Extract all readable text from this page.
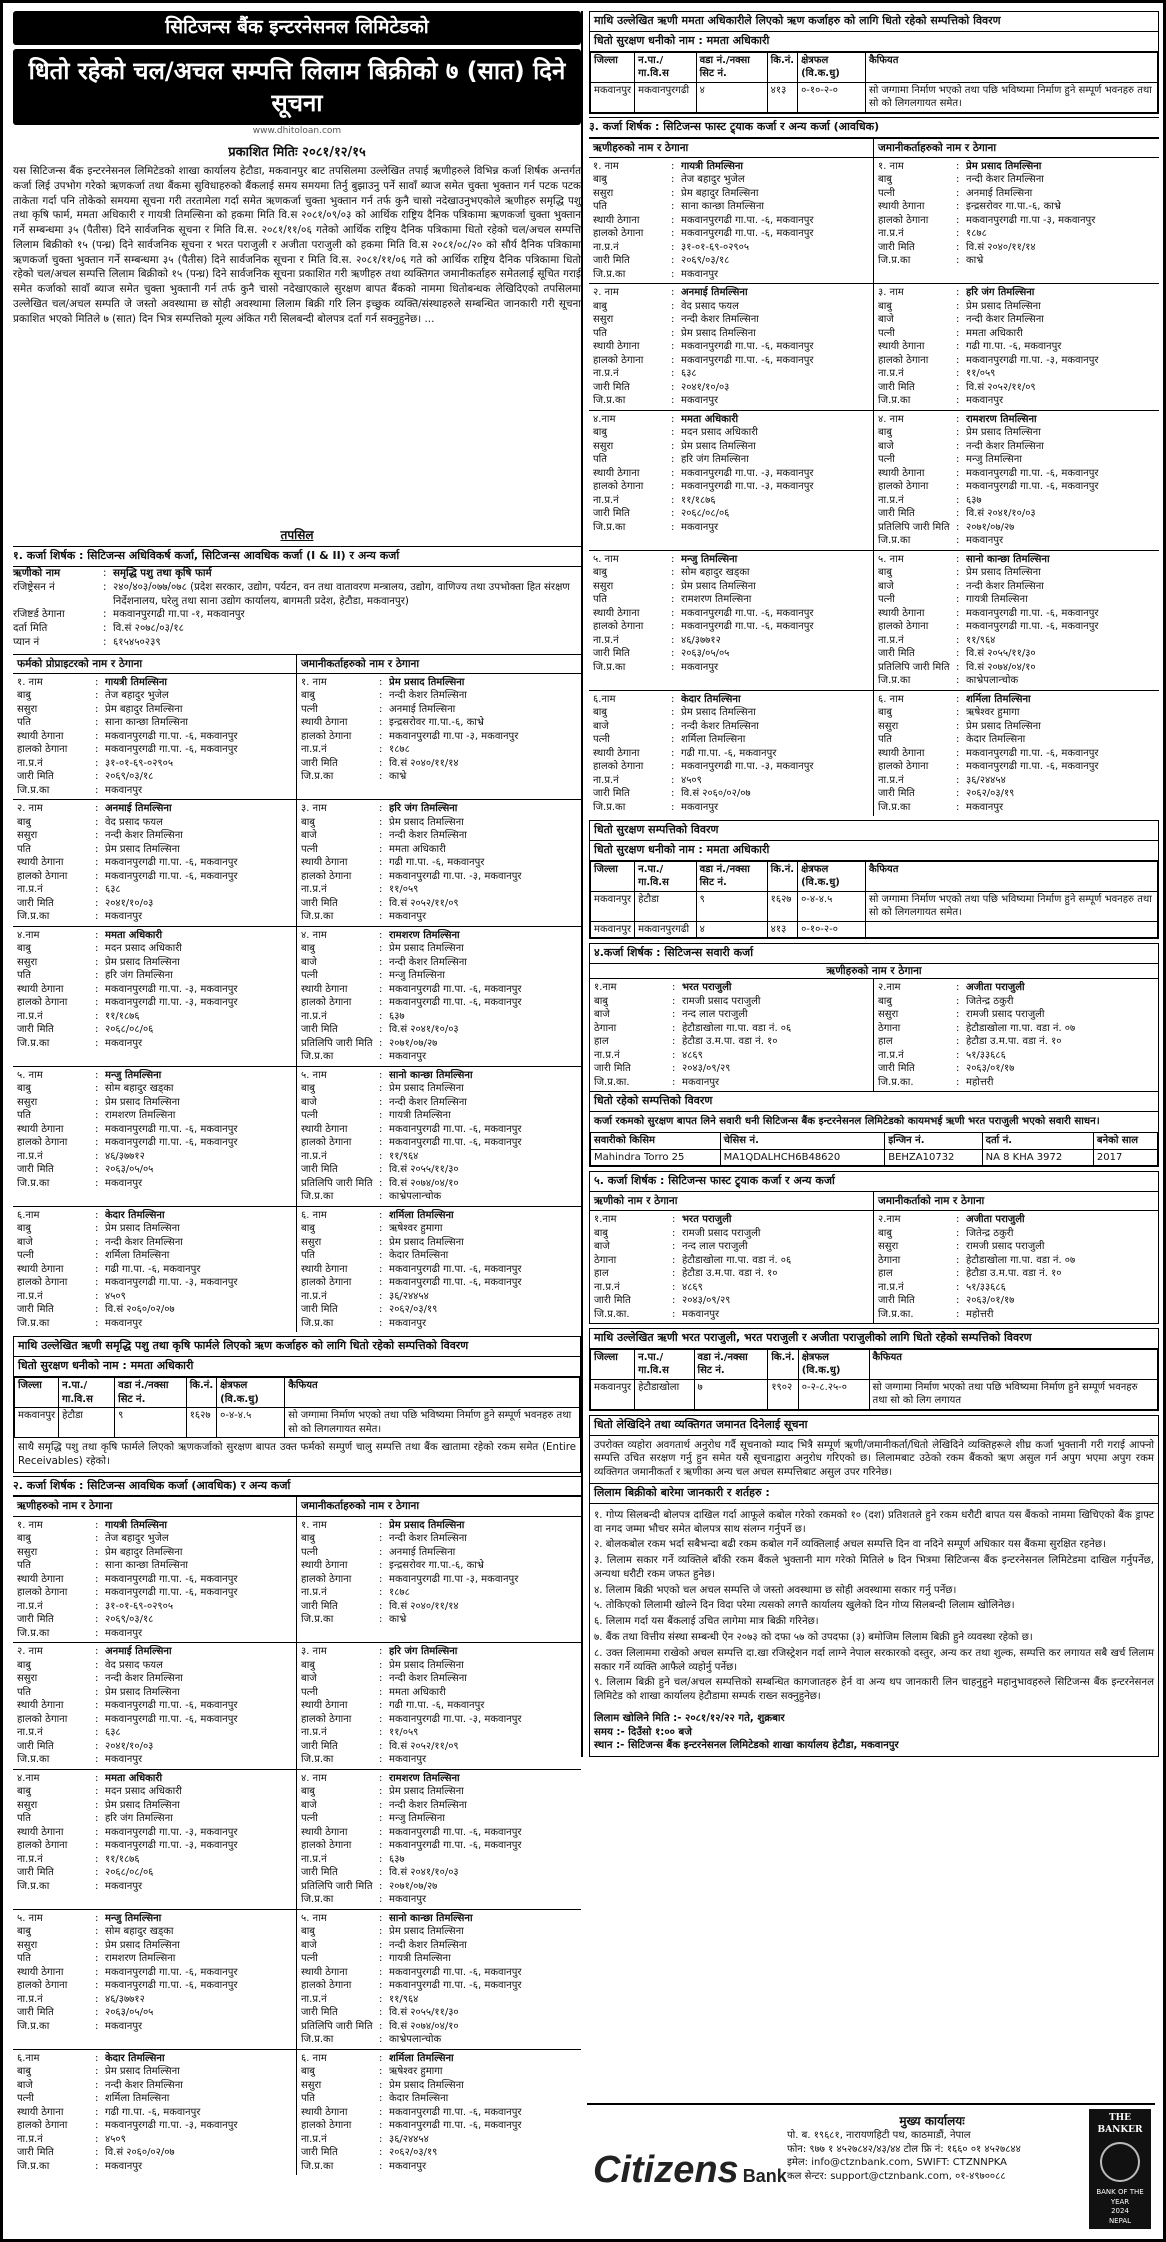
सिटिजन्स बैंक इन्टरनेसनल लिमिटेडको
धितो रहेको चल/अचल सम्पत्ति लिलाम बिक्रीको ७ (सात) दिने सूचना
www.dhitoloan.com
प्रकाशित मितिः २०८१/१२/१५
यस सिटिजन्स बैंक इन्टरनेसनल लिमिटेडको शाखा कार्यालय हेटौडा, मकवानपुर बाट तपसिलमा उल्लेखित तपाई ऋणीहरुले विभिन्न कर्जा शिर्षक अन्तर्गत कर्जा लिई उपभोग गरेको ऋणकर्जा तथा बैंकमा सुविधाहरुको बैंकलाई समय समयमा तिर्नु बुझाउनु पर्ने सावाँ ब्याज समेत चुक्ता भुक्तान गर्न पटक पटक ताकेता गर्दा पनि तोकेको समयमा सूचना गरी तरतामेला गर्दा समेत ऋणकर्जा चुक्ता भुक्तान गर्न तर्फ कुनै चासो नदेखाउनुभएकोले ऋणीहरु समृद्धि पशु तथा कृषि फार्म, ममता अधिकारी र गायत्री तिमल्सिना को हकमा मिति वि.स २०८१/०९/०३ को आर्थिक राष्ट्रिय दैनिक पत्रिकामा ऋणकर्जा चुक्ता भुक्तान गर्ने सम्बन्धमा ३५ (पैतीस) दिने सार्वजनिक सूचना र मिति वि.स. २०८१/११/०६ गतेको आर्थिक राष्ट्रिय दैनिक पत्रिकामा धितो रहेको चल/अचल सम्पत्ति लिलाम बिक्रीको १५ (पन्ध्र) दिने सार्वजनिक सूचना र भरत पराजुली र अजीता पराजुली को हकमा मिति वि.स २०८१/०८/२० को सौर्य दैनिक पत्रिकामा ऋणकर्जा चुक्ता भुक्तान गर्ने सम्बन्धमा ३५ (पैतीस) दिने सार्वजनिक सूचना र मिति वि.स. २०८१/११/०६ गते को आर्थिक राष्ट्रिय दैनिक पत्रिकामा धितो रहेको चल/अचल सम्पत्ति लिलाम बिक्रीको १५ (पन्ध्र) दिने सार्वजनिक सूचना प्रकाशित गरी ऋणीहरु तथा व्यक्तिगत जमानीकर्ताहरु समेतलाई सूचित गराई समेत कर्जाको सावाँ ब्याज समेत चुक्ता भुक्तानी गर्न तर्फ कुनै चासो नदेखाएकाले सुरक्षण बापत बैंकको नाममा धितोबन्धक लेखिदिएको तपसिलमा उल्लेखित चल/अचल सम्पति जे जस्तो अवस्थामा छ सोही अवस्थामा लिलाम बिक्री गरि लिन इच्छुक व्यक्ति/संस्थाहरुले सम्बन्धित जानकारी गरी सूचना प्रकाशित भएको मितिले ७ (सात) दिन भित्र सम्पत्तिको मूल्य अंकित गरी सिलबन्दी बोलपत्र दर्ता गर्न सक्नुहुनेछ। ...
तपसिल
१. कर्जा शिर्षक : सिटिजन्स अधिविकर्ष कर्जा, सिटिजन्स आवधिक कर्जा (I & II) र अन्य कर्जा
ऋणीको नाम	: समृद्धि पशु तथा कृषि फार्म
रजिष्ट्रेसन नं	: २४०/४०३/०७७/०७८ (प्रदेश सरकार, उद्योग, पर्यटन, वन तथा वातावरण मन्त्रालय, उद्योग, वाणिज्य तथा उपभोक्ता हित संरक्षण निर्देशनालय, घरेलु तथा साना उद्योग कार्यालय, बागमती प्रदेश, हेटौडा, मकवानपुर)
रजिष्टर्ड ठेगाना	: मकवानपुरगढी गा.पा -१, मकवानपुर
दर्ता मिति	: वि.सं २०७८/०३/१८
प्यान नं	: ६१५४५०२३९
फर्मको प्रोप्राइटरको नाम र ठेगाना	जमानीकर्ताहरुको नाम र ठेगाना
१. नाम	: गायत्री तिमल्सिना
बाबु	: तेज बहादुर भुजेल
ससुरा	: प्रेम बहादुर तिमल्सिना
पति	: साना कान्छा तिमल्सिना
स्थायी ठेगाना	: मकवानपुरगढी गा.पा. -६, मकवानपुर
हालको ठेगाना	: मकवानपुरगढी गा.पा. -६, मकवानपुर
ना.प्र.नं	: ३१-०१-६९-०२९०५
जारी मिति	: २०६९/०३/१८
जि.प्र.का	: मकवानपुर
१. नाम	: प्रेम प्रसाद तिमल्सिना
बाबु	: नन्दी केशर तिमल्सिना
पत्नी	: अनमाई तिमल्सिना
स्थायी ठेगाना	: इन्द्रसरोवर गा.पा.-६, काभ्रे
हालको ठेगाना	: मकवानपुरगढी गा.पा -३, मकवानपुर
ना.प्र.नं	: १८७८
जारी मिति	: वि.सं २०४०/११/१४
जि.प्र.का	: काभ्रे
२. नाम	: अनमाई तिमल्सिना
बाबु	: वेद प्रसाद फयल
ससुरा	: नन्दी केशर तिमल्सिना
पति	: प्रेम प्रसाद तिमल्सिना
स्थायी ठेगाना	: मकवानपुरगढी गा.पा. -६, मकवानपुर
हालको ठेगाना	: मकवानपुरगढी गा.पा. -६, मकवानपुर
ना.प्र.नं	: ६३८
जारी मिति	: २०४१/१०/०३
जि.प्र.का	: मकवानपुर
३. नाम	: हरि जंग तिमल्सिना
बाबु	: प्रेम प्रसाद तिमल्सिना
बाजे	: नन्दी केशर तिमल्सिना
पत्नी	: ममता अधिकारी
स्थायी ठेगाना	: गढी गा.पा. -६, मकवानपुर
हालको ठेगाना	: मकवानपुरगढी गा.पा. -३, मकवानपुर
ना.प्र.नं	: ११/०५९
जारी मिति	: वि.सं २०५२/११/०९
जि.प्र.का	: मकवानपुर
४.नाम	: ममता अधिकारी
बाबु	: मदन प्रसाद अधिकारी
ससुरा	: प्रेम प्रसाद तिमल्सिना
पति	: हरि जंग तिमल्सिना
स्थायी ठेगाना	: मकवानपुरगढी गा.पा. -३, मकवानपुर
हालको ठेगाना	: मकवानपुरगढी गा.पा. -३, मकवानपुर
ना.प्र.नं	: ११/१८७६
जारी मिति	: २०६८/०८/०६
जि.प्र.का	: मकवानपुर
४. नाम	: रामशरण तिमल्सिना
बाबु	: प्रेम प्रसाद तिमल्सिना
बाजे	: नन्दी केशर तिमल्सिना
पत्नी	: मन्जु तिमल्सिना
स्थायी ठेगाना	: मकवानपुरगढी गा.पा. -६, मकवानपुर
हालको ठेगाना	: मकवानपुरगढी गा.पा. -६, मकवानपुर
ना.प्र.नं	: ६३७
जारी मिति	: वि.सं २०४१/१०/०३
प्रतिलिपि जारी मिति : २०७१/०७/२७
जि.प्र.का	: मकवानपुर
५. नाम	: मन्जु तिमल्सिना
बाबु	: सोम बहादुर खड्का
ससुरा	: प्रेम प्रसाद तिमल्सिना
पति	: रामशरण तिमल्सिना
स्थायी ठेगाना	: मकवानपुरगढी गा.पा. -६, मकवानपुर
हालको ठेगाना	: मकवानपुरगढी गा.पा. -६, मकवानपुर
ना.प्र.नं	: ४६/३७७१२
जारी मिति	: २०६३/०५/०५
जि.प्र.का	: मकवानपुर
५. नाम	: सानो कान्छा तिमल्सिना
बाबु	: प्रेम प्रसाद तिमल्सिना
बाजे	: नन्दी केशर तिमल्सिना
पत्नी	: गायत्री तिमल्सिना
स्थायी ठेगाना	: मकवानपुरगढी गा.पा. -६, मकवानपुर
हालको ठेगाना	: मकवानपुरगढी गा.पा. -६, मकवानपुर
ना.प्र.नं	: ११/९६४
जारी मिति	: वि.सं २०५५/११/३०
प्रतिलिपि जारी मिति : वि.सं २०७४/०४/१०
जि.प्र.का	: काभ्रेपलान्चोक
६.नाम	: केदार तिमल्सिना
बाबु	: प्रेम प्रसाद तिमल्सिना
बाजे	: नन्दी केशर तिमल्सिना
पत्नी	: शर्मिला तिमल्सिना
स्थायी ठेगाना	: गढी गा.पा. -६, मकवानपुर
हालको ठेगाना	: मकवानपुरगढी गा.पा. -३, मकवानपुर
ना.प्र.नं	: ४५०९
जारी मिति	: वि.सं २०६०/०२/०७
जि.प्र.का	: मकवानपुर
६. नाम	: शर्मिला तिमल्सिना
बाबु	: ऋषेश्वर हुमागा
ससुरा	: प्रेम प्रसाद तिमल्सिना
पति	: केदार तिमल्सिना
स्थायी ठेगाना	: मकवानपुरगढी गा.पा. -६, मकवानपुर
हालको ठेगाना	: मकवानपुरगढी गा.पा. -६, मकवानपुर
ना.प्र.नं	: ३६/२४४५४
जारी मिति	: २०६२/०३/१९
जि.प्र.का	: मकवानपुर
माथि उल्लेखित ऋणी समृद्धि पशु तथा कृषि फार्मले लिएको ऋण कर्जाहरु को लागि धितो रहेको सम्पत्तिको विवरण
धितो सुरक्षण धनीको नाम : ममता अधिकारी
जिल्ला	न.पा./गा.वि.स	वडा नं./नक्सा सिट नं.	कि.नं.	क्षेत्रफल (वि.क.धु)	कैफियत
मकवानपुर	हेटौडा	९	१६२७	०-४-४.५	सो जग्गामा निर्माण भएको तथा पछि भविष्यमा निर्माण हुने सम्पूर्ण भवनहरु तथा सो को लिगलगायत समेत।
साथै समृद्धि पशु तथा कृषि फार्मले लिएको ऋणकर्जाको सुरक्षण बापत उक्त फर्मको सम्पुर्ण चालु सम्पत्ति तथा बैंक खातामा रहेको रकम समेत (Entire Receivables) रहेको।
२. कर्जा शिर्षक : सिटिजन्स आवधिक कर्जा (आवधिक) र अन्य कर्जा
ऋणीहरुको नाम र ठेगाना	जमानीकर्ताहरुको नाम र ठेगाना
१. नाम	: गायत्री तिमल्सिना
बाबु	: तेज बहादुर भुजेल
ससुरा	: प्रेम बहादुर तिमल्सिना
पति	: साना कान्छा तिमल्सिना
स्थायी ठेगाना	: मकवानपुरगढी गा.पा. -६, मकवानपुर
हालको ठेगाना	: मकवानपुरगढी गा.पा. -६, मकवानपुर
ना.प्र.नं	: ३१-०१-६९-०२९०५
जारी मिति	: २०६९/०३/१८
जि.प्र.का	: मकवानपुर
१. नाम	: प्रेम प्रसाद तिमल्सिना
बाबु	: नन्दी केशर तिमल्सिना
पत्नी	: अनमाई तिमल्सिना
स्थायी ठेगाना	: इन्द्रसरोवर गा.पा.-६, काभ्रे
हालको ठेगाना	: मकवानपुरगढी गा.पा -३, मकवानपुर
ना.प्र.नं	: १८७८
जारी मिति	: वि.सं २०४०/११/१४
जि.प्र.का	: काभ्रे
२. नाम	: अनमाई तिमल्सिना
बाबु	: वेद प्रसाद फयल
ससुरा	: नन्दी केशर तिमल्सिना
पति	: प्रेम प्रसाद तिमल्सिना
स्थायी ठेगाना	: मकवानपुरगढी गा.पा. -६, मकवानपुर
हालको ठेगाना	: मकवानपुरगढी गा.पा. -६, मकवानपुर
ना.प्र.नं	: ६३८
जारी मिति	: २०४१/१०/०३
जि.प्र.का	: मकवानपुर
३. नाम	: हरि जंग तिमल्सिना
बाबु	: प्रेम प्रसाद तिमल्सिना
बाजे	: नन्दी केशर तिमल्सिना
पत्नी	: ममता अधिकारी
स्थायी ठेगाना	: गढी गा.पा. -६, मकवानपुर
हालको ठेगाना	: मकवानपुरगढी गा.पा. -३, मकवानपुर
ना.प्र.नं	: ११/०५९
जारी मिति	: वि.सं २०५२/११/०९
जि.प्र.का	: मकवानपुर
४.नाम	: ममता अधिकारी
बाबु	: मदन प्रसाद अधिकारी
ससुरा	: प्रेम प्रसाद तिमल्सिना
पति	: हरि जंग तिमल्सिना
स्थायी ठेगाना	: मकवानपुरगढी गा.पा. -३, मकवानपुर
हालको ठेगाना	: मकवानपुरगढी गा.पा. -३, मकवानपुर
ना.प्र.नं	: ११/१८७६
जारी मिति	: २०६८/०८/०६
जि.प्र.का	: मकवानपुर
४. नाम	: रामशरण तिमल्सिना
बाबु	: प्रेम प्रसाद तिमल्सिना
बाजे	: नन्दी केशर तिमल्सिना
पत्नी	: मन्जु तिमल्सिना
स्थायी ठेगाना	: मकवानपुरगढी गा.पा. -६, मकवानपुर
हालको ठेगाना	: मकवानपुरगढी गा.पा. -६, मकवानपुर
ना.प्र.नं	: ६३७
जारी मिति	: वि.सं २०४१/१०/०३
प्रतिलिपि जारी मिति : २०७१/०७/२७
जि.प्र.का	: मकवानपुर
५. नाम	: मन्जु तिमल्सिना
बाबु	: सोम बहादुर खड्का
ससुरा	: प्रेम प्रसाद तिमल्सिना
पति	: रामशरण तिमल्सिना
स्थायी ठेगाना	: मकवानपुरगढी गा.पा. -६, मकवानपुर
हालको ठेगाना	: मकवानपुरगढी गा.पा. -६, मकवानपुर
ना.प्र.नं	: ४६/३७७१२
जारी मिति	: २०६३/०५/०५
जि.प्र.का	: मकवानपुर
५. नाम	: सानो कान्छा तिमल्सिना
बाबु	: प्रेम प्रसाद तिमल्सिना
बाजे	: नन्दी केशर तिमल्सिना
पत्नी	: गायत्री तिमल्सिना
स्थायी ठेगाना	: मकवानपुरगढी गा.पा. -६, मकवानपुर
हालको ठेगाना	: मकवानपुरगढी गा.पा. -६, मकवानपुर
ना.प्र.नं	: ११/९६४
जारी मिति	: वि.सं २०५५/११/३०
प्रतिलिपि जारी मिति : वि.सं २०७४/०४/१०
जि.प्र.का	: काभ्रेपलान्चोक
६.नाम	: केदार तिमल्सिना
बाबु	: प्रेम प्रसाद तिमल्सिना
बाजे	: नन्दी केशर तिमल्सिना
पत्नी	: शर्मिला तिमल्सिना
स्थायी ठेगाना	: गढी गा.पा. -६, मकवानपुर
हालको ठेगाना	: मकवानपुरगढी गा.पा. -३, मकवानपुर
ना.प्र.नं	: ४५०९
जारी मिति	: वि.सं २०६०/०२/०७
जि.प्र.का	: मकवानपुर
६. नाम	: शर्मिला तिमल्सिना
बाबु	: ऋषेश्वर हुमागा
ससुरा	: प्रेम प्रसाद तिमल्सिना
पति	: केदार तिमल्सिना
स्थायी ठेगाना	: मकवानपुरगढी गा.पा. -६, मकवानपुर
हालको ठेगाना	: मकवानपुरगढी गा.पा. -६, मकवानपुर
ना.प्र.नं	: ३६/२४४५४
जारी मिति	: २०६२/०३/१९
जि.प्र.का	: मकवानपुर
माथि उल्लेखित ऋणी ममता अधिकारीले लिएको ऋण कर्जाहरु को लागि धितो रहेको सम्पत्तिको विवरण
धितो सुरक्षण धनीको नाम : ममता अधिकारी
जिल्ला	न.पा./गा.वि.स	वडा नं./नक्सा सिट नं.	कि.नं.	क्षेत्रफल (वि.क.धु)	कैफियत
मकवानपुर	मकवानपुरगढी	४	४१३	०-१०-२-०	सो जग्गामा निर्माण भएको तथा पछि भविष्यमा निर्माण हुने सम्पूर्ण भवनहरु तथा सो को लिगलगायत समेत।
३. कर्जा शिर्षक : सिटिजन्स फास्ट ट्र्याक कर्जा र अन्य कर्जा (आवधिक)
ऋणीहरुको नाम र ठेगाना	जमानीकर्ताहरुको नाम र ठेगाना
१. नाम	: गायत्री तिमल्सिना
बाबु	: तेज बहादुर भुजेल
ससुरा	: प्रेम बहादुर तिमल्सिना
पति	: साना कान्छा तिमल्सिना
स्थायी ठेगाना	: मकवानपुरगढी गा.पा. -६, मकवानपुर
हालको ठेगाना	: मकवानपुरगढी गा.पा. -६, मकवानपुर
ना.प्र.नं	: ३१-०१-६९-०२९०५
जारी मिति	: २०६९/०३/१८
जि.प्र.का	: मकवानपुर
१. नाम	: प्रेम प्रसाद तिमल्सिना
बाबु	: नन्दी केशर तिमल्सिना
पत्नी	: अनमाई तिमल्सिना
स्थायी ठेगाना	: इन्द्रसरोवर गा.पा.-६, काभ्रे
हालको ठेगाना	: मकवानपुरगढी गा.पा -३, मकवानपुर
ना.प्र.नं	: १८७८
जारी मिति	: वि.सं २०४०/११/१४
जि.प्र.का	: काभ्रे
२. नाम	: अनमाई तिमल्सिना
बाबु	: वेद प्रसाद फयल
ससुरा	: नन्दी केशर तिमल्सिना
पति	: प्रेम प्रसाद तिमल्सिना
स्थायी ठेगाना	: मकवानपुरगढी गा.पा. -६, मकवानपुर
हालको ठेगाना	: मकवानपुरगढी गा.पा. -६, मकवानपुर
ना.प्र.नं	: ६३८
जारी मिति	: २०४१/१०/०३
जि.प्र.का	: मकवानपुर
३. नाम	: हरि जंग तिमल्सिना
बाबु	: प्रेम प्रसाद तिमल्सिना
बाजे	: नन्दी केशर तिमल्सिना
पत्नी	: ममता अधिकारी
स्थायी ठेगाना	: गढी गा.पा. -६, मकवानपुर
हालको ठेगाना	: मकवानपुरगढी गा.पा. -३, मकवानपुर
ना.प्र.नं	: ११/०५९
जारी मिति	: वि.सं २०५२/११/०९
जि.प्र.का	: मकवानपुर
४.नाम	: ममता अधिकारी
बाबु	: मदन प्रसाद अधिकारी
ससुरा	: प्रेम प्रसाद तिमल्सिना
पति	: हरि जंग तिमल्सिना
स्थायी ठेगाना	: मकवानपुरगढी गा.पा. -३, मकवानपुर
हालको ठेगाना	: मकवानपुरगढी गा.पा. -३, मकवानपुर
ना.प्र.नं	: ११/१८७६
जारी मिति	: २०६८/०८/०६
जि.प्र.का	: मकवानपुर
४. नाम	: रामशरण तिमल्सिना
बाबु	: प्रेम प्रसाद तिमल्सिना
बाजे	: नन्दी केशर तिमल्सिना
पत्नी	: मन्जु तिमल्सिना
स्थायी ठेगाना	: मकवानपुरगढी गा.पा. -६, मकवानपुर
हालको ठेगाना	: मकवानपुरगढी गा.पा. -६, मकवानपुर
ना.प्र.नं	: ६३७
जारी मिति	: वि.सं २०४१/१०/०३
प्रतिलिपि जारी मिति : २०७१/०७/२७
जि.प्र.का	: मकवानपुर
५. नाम	: मन्जु तिमल्सिना
बाबु	: सोम बहादुर खड्का
ससुरा	: प्रेम प्रसाद तिमल्सिना
पति	: रामशरण तिमल्सिना
स्थायी ठेगाना	: मकवानपुरगढी गा.पा. -६, मकवानपुर
हालको ठेगाना	: मकवानपुरगढी गा.पा. -६, मकवानपुर
ना.प्र.नं	: ४६/३७७१२
जारी मिति	: २०६३/०५/०५
जि.प्र.का	: मकवानपुर
५. नाम	: सानो कान्छा तिमल्सिना
बाबु	: प्रेम प्रसाद तिमल्सिना
बाजे	: नन्दी केशर तिमल्सिना
पत्नी	: गायत्री तिमल्सिना
स्थायी ठेगाना	: मकवानपुरगढी गा.पा. -६, मकवानपुर
हालको ठेगाना	: मकवानपुरगढी गा.पा. -६, मकवानपुर
ना.प्र.नं	: ११/९६४
जारी मिति	: वि.सं २०५५/११/३०
प्रतिलिपि जारी मिति : वि.सं २०७४/०४/१०
जि.प्र.का	: काभ्रेपलान्चोक
६.नाम	: केदार तिमल्सिना
बाबु	: प्रेम प्रसाद तिमल्सिना
बाजे	: नन्दी केशर तिमल्सिना
पत्नी	: शर्मिला तिमल्सिना
स्थायी ठेगाना	: गढी गा.पा. -६, मकवानपुर
हालको ठेगाना	: मकवानपुरगढी गा.पा. -३, मकवानपुर
ना.प्र.नं	: ४५०९
जारी मिति	: वि.सं २०६०/०२/०७
जि.प्र.का	: मकवानपुर
६. नाम	: शर्मिला तिमल्सिना
बाबु	: ऋषेश्वर हुमागा
ससुरा	: प्रेम प्रसाद तिमल्सिना
पति	: केदार तिमल्सिना
स्थायी ठेगाना	: मकवानपुरगढी गा.पा. -६, मकवानपुर
हालको ठेगाना	: मकवानपुरगढी गा.पा. -६, मकवानपुर
ना.प्र.नं	: ३६/२४४५४
जारी मिति	: २०६२/०३/१९
जि.प्र.का	: मकवानपुर
धितो सुरक्षण सम्पत्तिको विवरण
धितो सुरक्षण धनीको नाम : ममता अधिकारी
जिल्ला	न.पा./गा.वि.स	वडा नं./नक्सा सिट नं.	कि.नं.	क्षेत्रफल (वि.क.धु)	कैफियत
मकवानपुर	हेटौडा	९	१६२७	०-४-४.५	सो जग्गामा निर्माण भएको तथा पछि भविष्यमा निर्माण हुने सम्पूर्ण भवनहरु तथा सो को लिगलगायत समेत।
मकवानपुर	मकवानपुरगढी	४	४१३	०-१०-२-०	
४.कर्जा शिर्षक : सिटिजन्स सवारी कर्जा
ऋणीहरुको नाम र ठेगाना
१.नाम	: भरत पराजुली
बाबु	: रामजी प्रसाद पराजुली
बाजे	: नन्द लाल पराजुली
ठेगाना	: हेटौडाखोला गा.पा. वडा नं. ०६
हाल	: हेटौडा उ.म.पा. वडा नं. १०
ना.प्र.नं	: ४८६९
जारी मिति	: २०४३/०९/२९
जि.प्र.का.	: मकवानपुर
२.नाम	: अजीता पराजुली
बाबु	: जितेन्द्र ठकुरी
ससुरा	: रामजी प्रसाद पराजुली
ठेगाना	: हेटौडाखोला गा.पा. वडा नं. ०७
हाल	: हेटौडा उ.म.पा. वडा नं. १०
ना.प्र.नं	: ५१/३३६८६
जारी मिति	: २०६३/०१/१७
जि.प्र.का.	: महोत्तरी
धितो रहेको सम्पत्तिको विवरण
कर्जा रकमको सुरक्षण बापत लिने सवारी धनी सिटिजन्स बैंक इन्टरनेसनल लिमिटेडको कायमभई ऋणी भरत पराजुली भएको सवारी साधन।
सवारीको किसिम	चेसिस नं.	इन्जिन नं.	दर्ता नं.	बनेको साल
Mahindra Torro 25	MA1QDALHCH6B48620	BEHZA10732	NA 8 KHA 3972	2017
५. कर्जा शिर्षक : सिटिजन्स फास्ट ट्र्याक कर्जा र अन्य कर्जा
ऋणीको नाम र ठेगाना	जमानीकर्ताको नाम र ठेगाना
१.नाम	: भरत पराजुली
बाबु	: रामजी प्रसाद पराजुली
बाजे	: नन्द लाल पराजुली
ठेगाना	: हेटौडाखोला गा.पा. वडा नं. ०६
हाल	: हेटौडा उ.म.पा. वडा नं. १०
ना.प्र.नं	: ४८६९
जारी मिति	: २०४३/०९/२९
जि.प्र.का.	: मकवानपुर
२.नाम	: अजीता पराजुली
बाबु	: जितेन्द्र ठकुरी
ससुरा	: रामजी प्रसाद पराजुली
ठेगाना	: हेटौडाखोला गा.पा. वडा नं. ०७
हाल	: हेटौडा उ.म.पा. वडा नं. १०
ना.प्र.नं	: ५१/३३६८६
जारी मिति	: २०६३/०१/१७
जि.प्र.का.	: महोत्तरी
माथि उल्लेखित ऋणी भरत पराजुली, भरत पराजुली र अजीता पराजुलीको लागि धितो रहेको सम्पत्तिको विवरण
जिल्ला	न.पा./गा.वि.स	वडा नं./नक्सा सिट नं.	कि.नं.	क्षेत्रफल (वि.क.धु)	कैफियत
मकवानपुर	हेटौडाखोला	७	१९०२	०-२-८.२५-०	सो जग्गामा निर्माण भएको तथा पछि भविष्यमा निर्माण हुने सम्पूर्ण भवनहरु तथा सो को लिग लगायत
धितो लेखिदिने तथा व्यक्तिगत जमानत दिनेलाई सूचना
उपरोक्त व्यहोरा अवगतार्थ अनुरोध गर्दै सूचनाको म्याद भित्रै सम्पूर्ण ऋणी/जमानीकर्ता/धितो लेखिदिने व्यक्तिहरूले शीघ्र कर्जा भुक्तानी गरी गराई आफ्नो सम्पत्ति उचित सरक्षण गर्नु हुन समेत यसै सूचनाद्वारा अनुरोध गरिएको छ। लिलामबाट उठेको रकम बैंकको ऋण असुल गर्न अपुग भएमा अपुग रकम व्यक्तिगत जमानीकर्ता र ऋणीका अन्य चल अचल सम्पत्तिबाट असुल उपर गरिनेछ।
लिलाम बिक्रीको बारेमा जानकारी र शर्तहरु :

१. गोप्य सिलबन्दी बोलपत्र दाखिल गर्दा आफूले कबोल गरेको रकमको १० (दश) प्रतिशतले हुने रकम धरौटी बापत यस बैंकको नाममा खिचिएको बैंक ड्राफ्ट वा नगद जम्मा भौचर समेत बोलपत्र साथ संलग्न गर्नुपर्ने छ।

२. बोलकबोल रकम भर्दा सबैभन्दा बढी रकम कबोल गर्ने व्यक्तिलाई अचल सम्पत्ति दिन वा नदिने सम्पूर्ण अधिकार यस बैंकमा सुरक्षित रहनेछ।

३. लिलाम सकार गर्ने व्यक्तिले बाँकी रकम बैंकले भुक्तानी माग गरेको मितिले ७ दिन भित्रमा सिटिजन्स बैंक इन्टरनेसनल लिमिटेडमा दाखिल गर्नुपर्नेछ, अन्यथा धरौटी रकम जफत हुनेछ।

४. लिलाम बिक्री भएको चल अचल सम्पत्ति जे जस्तो अवस्थामा छ सोही अवस्थामा सकार गर्नु पर्नेछ।

५. तोकिएको लिलामी खोल्ने दिन विदा परेमा त्यसको लगत्तै कार्यालय खुलेको दिन गोप्य सिलबन्दी लिलाम खोलिनेछ।

६. लिलाम गर्दा यस बैंकलाई उचित लागेमा मात्र बिक्री गरिनेछ।

७. बैंक तथा वित्तीय संस्था सम्बन्धी ऐन २०७३ को दफा ५७ को उपदफा (३) बमोजिम लिलाम बिक्री हुने व्यवस्था रहेको छ।

८. उक्त लिलाममा राखेको अचल सम्पत्ति दा.खा रजिस्ट्रेशन गर्दा लाग्ने नेपाल सरकारको दस्तुर, अन्य कर तथा शुल्क, सम्पत्ति कर लगायत सबै खर्च लिलाम सकार गर्ने व्यक्ति आफैले व्यहोर्नु पर्नेछ।

९. लिलाम बिक्री हुने चल/अचल सम्पत्तिको सम्बन्धित कागजातहरु हेर्न वा अन्य थप जानकारी लिन चाहनुहुने महानुभावहरुले सिटिजन्स बैंक इन्टरनेसनल लिमिटेड को शाखा कार्यालय हेटौडामा सम्पर्क राख्न सक्नुहुनेछ।

लिलाम खोलिने मिति :- २०८१/१२/२२ गते, शुक्रबार
समय :- दिउँसो १:०० बजे
स्थान :- सिटिजन्स बैंक इन्टरनेसनल लिमिटेडको शाखा कार्यालय हेटौडा, मकवानपुर
Citizens Bank
मुख्य कार्यालयः
पो. ब. १९६८१, नारायणहिटी पथ, काठमाडौं, नेपाल
फोन: ९७७ १ ४५२७८४२/४३/४४ टोल फ्रि नं: १६६० ०१ ४५२७८४४
इमेल: info@ctznbank.com, SWIFT: CTZNNPKA
कल सेन्टर: support@ctznbank.com, ०१-४९७००८८
THE BANKER
BANK OF THE YEAR
2024
NEPAL
